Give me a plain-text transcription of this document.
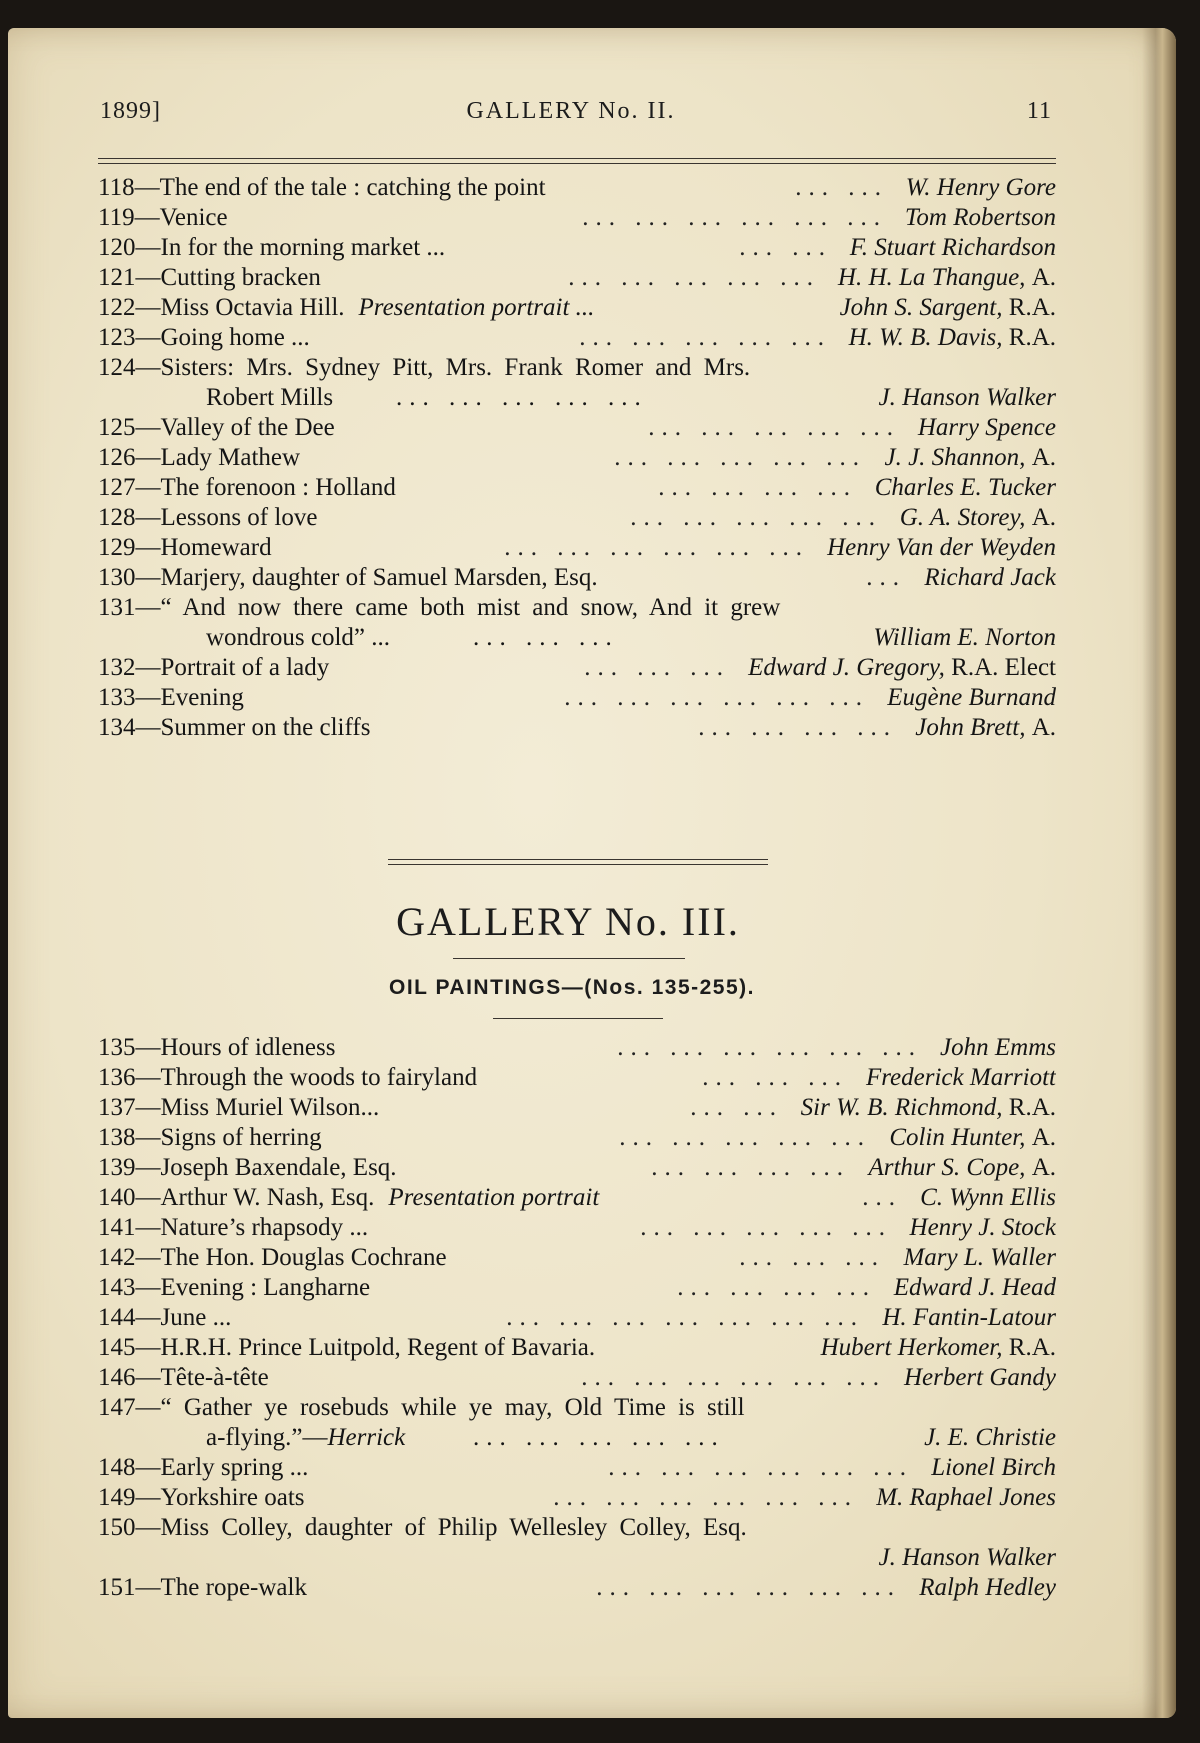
1899]	GALLERY No. II.	11
118—The end of the tale : catching the point	... ... W. Henry Gore
119—Venice	... ... ... ... ... ... Tom Robertson
120—In for the morning market ...	... ... F. Stuart Richardson
121—Cutting bracken	... ... ... ... ... H. H. La Thangue, A.
122—Miss Octavia Hill. Presentation portrait ...	John S. Sargent, R.A.
123—Going home ...	... ... ... ... ... H. W. B. Davis, R.A.
124—Sisters: Mrs. Sydney Pitt, Mrs. Frank Romer and Mrs.
Robert Mills	... ... ... ... ...	J. Hanson Walker
125—Valley of the Dee	... ... ... ... ... Harry Spence
126—Lady Mathew	... ... ... ... ... J. J. Shannon, A.
127—The forenoon : Holland	... ... ... ... Charles E. Tucker
128—Lessons of love	... ... ... ... ... G. A. Storey, A.
129—Homeward	... ... ... ... ... ... Henry Van der Weyden
130—Marjery, daughter of Samuel Marsden, Esq.	... Richard Jack
131—“ And now there came both mist and snow, And it grew
wondrous cold” ...	... ... ...	William E. Norton
132—Portrait of a lady	... ... ... Edward J. Gregory, R.A. Elect
133—Evening	... ... ... ... ... ... Eugène Burnand
134—Summer on the cliffs	... ... ... ... John Brett, A.
GALLERY No. III.
OIL PAINTINGS—(Nos. 135-255).
135—Hours of idleness	... ... ... ... ... ... John Emms
136—Through the woods to fairyland	... ... ... Frederick Marriott
137—Miss Muriel Wilson...	... ... Sir W. B. Richmond, R.A.
138—Signs of herring	... ... ... ... ... Colin Hunter, A.
139—Joseph Baxendale, Esq.	... ... ... ... Arthur S. Cope, A.
140—Arthur W. Nash, Esq. Presentation portrait	... C. Wynn Ellis
141—Nature’s rhapsody ...	... ... ... ... ... Henry J. Stock
142—The Hon. Douglas Cochrane	... ... ... Mary L. Waller
143—Evening : Langharne	... ... ... ... Edward J. Head
144—June ...	... ... ... ... ... ... ... H. Fantin-Latour
145—H.R.H. Prince Luitpold, Regent of Bavaria.	Hubert Herkomer, R.A.
146—Tête-à-tête	... ... ... ... ... ... Herbert Gandy
147—“ Gather ye rosebuds while ye may, Old Time is still
a-flying.”—Herrick	... ... ... ... ...	J. E. Christie
148—Early spring ...	... ... ... ... ... ... Lionel Birch
149—Yorkshire oats	... ... ... ... ... ... M. Raphael Jones
150—Miss Colley, daughter of Philip Wellesley Colley, Esq.
J. Hanson Walker
151—The rope-walk	... ... ... ... ... ... Ralph Hedley
